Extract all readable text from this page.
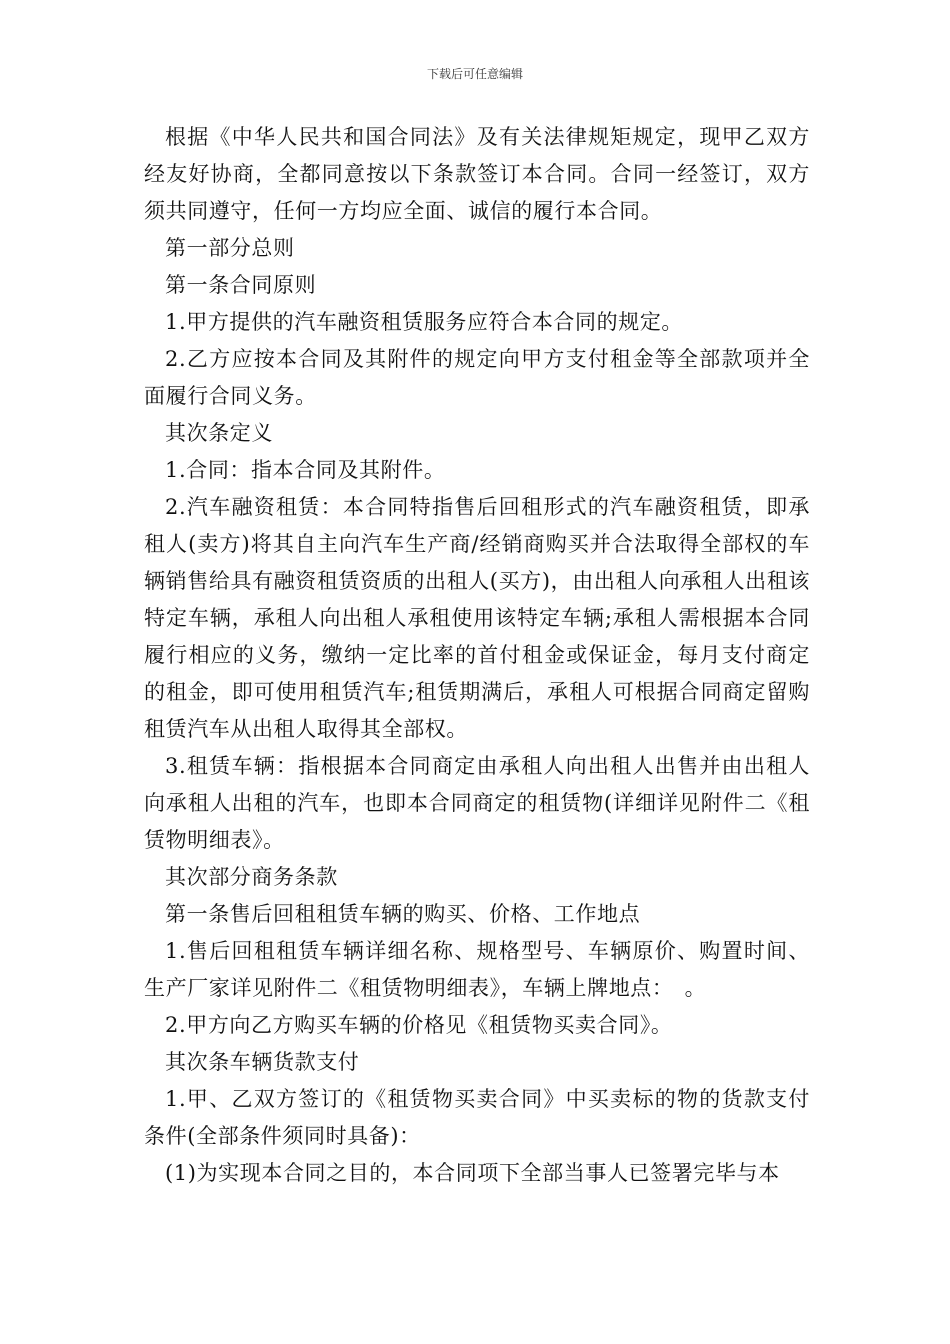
下载后可任意编辑

根据《中华人民共和国合同法》及有关法律规矩规定，现甲乙双方经友好协商，全都同意按以下条款签订本合同。合同一经签订，双方须共同遵守，任何一方均应全面、诚信的履行本合同。

第一部分总则

第一条合同原则

1.甲方提供的汽车融资租赁服务应符合本合同的规定。

2.乙方应按本合同及其附件的规定向甲方支付租金等全部款项并全面履行合同义务。

其次条定义

1.合同：指本合同及其附件。

2.汽车融资租赁：本合同特指售后回租形式的汽车融资租赁，即承租人(卖方)将其自主向汽车生产商/经销商购买并合法取得全部权的车辆销售给具有融资租赁资质的出租人(买方)，由出租人向承租人出租该特定车辆，承租人向出租人承租使用该特定车辆;承租人需根据本合同履行相应的义务，缴纳一定比率的首付租金或保证金，每月支付商定的租金，即可使用租赁汽车;租赁期满后，承租人可根据合同商定留购租赁汽车从出租人取得其全部权。

3.租赁车辆：指根据本合同商定由承租人向出租人出售并由出租人向承租人出租的汽车，也即本合同商定的租赁物(详细详见附件二《租赁物明细表》。

其次部分商务条款

第一条售后回租租赁车辆的购买、价格、工作地点

1.售后回租租赁车辆详细名称、规格型号、车辆原价、购置时间、生产厂家详见附件二《租赁物明细表》，车辆上牌地点：　。

2.甲方向乙方购买车辆的价格见《租赁物买卖合同》。

其次条车辆货款支付

1.甲、乙双方签订的《租赁物买卖合同》中买卖标的物的货款支付条件(全部条件须同时具备)：

(1)为实现本合同之目的，本合同项下全部当事人已签署完毕与本
